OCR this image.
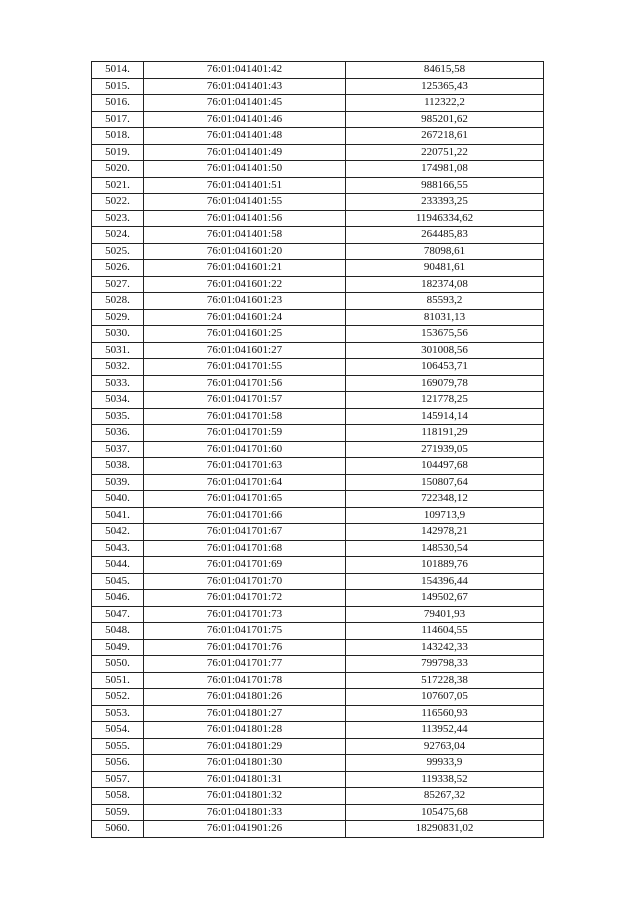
5014.	76:01:041401:42	84615,58
5015.	76:01:041401:43	125365,43
5016.	76:01:041401:45	112322,2
5017.	76:01:041401:46	985201,62
5018.	76:01:041401:48	267218,61
5019.	76:01:041401:49	220751,22
5020.	76:01:041401:50	174981,08
5021.	76:01:041401:51	988166,55
5022.	76:01:041401:55	233393,25
5023.	76:01:041401:56	11946334,62
5024.	76:01:041401:58	264485,83
5025.	76:01:041601:20	78098,61
5026.	76:01:041601:21	90481,61
5027.	76:01:041601:22	182374,08
5028.	76:01:041601:23	85593,2
5029.	76:01:041601:24	81031,13
5030.	76:01:041601:25	153675,56
5031.	76:01:041601:27	301008,56
5032.	76:01:041701:55	106453,71
5033.	76:01:041701:56	169079,78
5034.	76:01:041701:57	121778,25
5035.	76:01:041701:58	145914,14
5036.	76:01:041701:59	118191,29
5037.	76:01:041701:60	271939,05
5038.	76:01:041701:63	104497,68
5039.	76:01:041701:64	150807,64
5040.	76:01:041701:65	722348,12
5041.	76:01:041701:66	109713,9
5042.	76:01:041701:67	142978,21
5043.	76:01:041701:68	148530,54
5044.	76:01:041701:69	101889,76
5045.	76:01:041701:70	154396,44
5046.	76:01:041701:72	149502,67
5047.	76:01:041701:73	79401,93
5048.	76:01:041701:75	114604,55
5049.	76:01:041701:76	143242,33
5050.	76:01:041701:77	799798,33
5051.	76:01:041701:78	517228,38
5052.	76:01:041801:26	107607,05
5053.	76:01:041801:27	116560,93
5054.	76:01:041801:28	113952,44
5055.	76:01:041801:29	92763,04
5056.	76:01:041801:30	99933,9
5057.	76:01:041801:31	119338,52
5058.	76:01:041801:32	85267,32
5059.	76:01:041801:33	105475,68
5060.	76:01:041901:26	18290831,02
